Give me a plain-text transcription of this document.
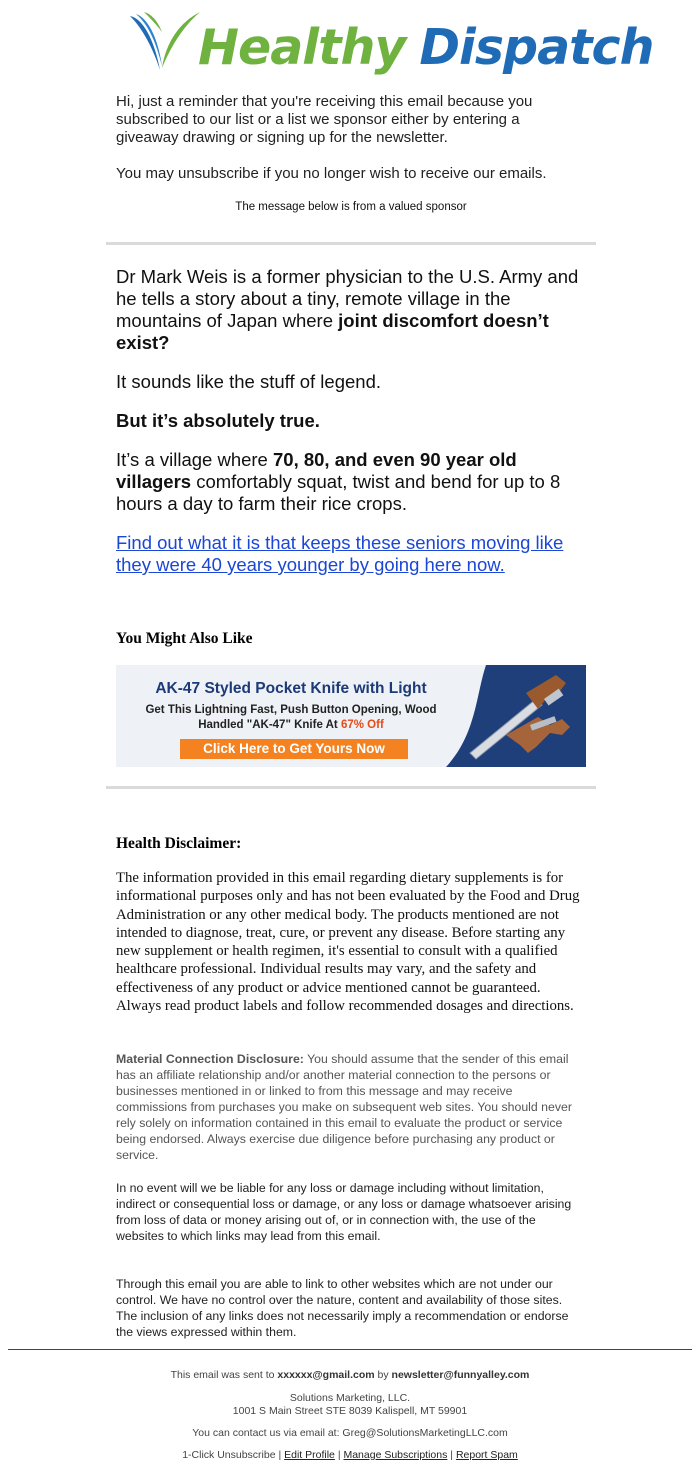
Healthy Dispatch

Hi, just a reminder that you're receiving this email because you subscribed to our list or a list we sponsor either by entering a giveaway drawing or signing up for the newsletter.

You may unsubscribe if you no longer wish to receive our emails.

The message below is from a valued sponsor

Dr Mark Weis is a former physician to the U.S. Army and he tells a story about a tiny, remote village in the mountains of Japan where joint discomfort doesn’t exist?

It sounds like the stuff of legend.

But it’s absolutely true.

It’s a village where 70, 80, and even 90 year old villagers comfortably squat, twist and bend for up to 8 hours a day to farm their rice crops.

Find out what it is that keeps these seniors moving like they were 40 years younger by going here now.

You Might Also Like
AK-47 Styled Pocket Knife with Light
Get This Lightning Fast, Push Button Opening, Wood
Handled "AK-47" Knife At 67% Off
Click Here to Get Yours Now
Health Disclaimer:
The information provided in this email regarding dietary supplements is for informational purposes only and has not been evaluated by the Food and Drug Administration or any other medical body. The products mentioned are not intended to diagnose, treat, cure, or prevent any disease. Before starting any new supplement or health regimen, it's essential to consult with a qualified healthcare professional. Individual results may vary, and the safety and effectiveness of any product or advice mentioned cannot be guaranteed. Always read product labels and follow recommended dosages and directions.
Material Connection Disclosure: You should assume that the sender of this email has an affiliate relationship and/or another material connection to the persons or businesses mentioned in or linked to from this message and may receive commissions from purchases you make on subsequent web sites. You should never rely solely on information contained in this email to evaluate the product or service being endorsed. Always exercise due diligence before purchasing any product or service.
In no event will we be liable for any loss or damage including without limitation, indirect or consequential loss or damage, or any loss or damage whatsoever arising from loss of data or money arising out of, or in connection with, the use of the websites to which links may lead from this email.
Through this email you are able to link to other websites which are not under our control. We have no control over the nature, content and availability of those sites. The inclusion of any links does not necessarily imply a recommendation or endorse the views expressed within them.
This email was sent to xxxxxx@gmail.com by newsletter@funnyalley.com
Solutions Marketing, LLC.
1001 S Main Street STE 8039 Kalispell, MT 59901
You can contact us via email at: Greg@SolutionsMarketingLLC.com
1-Click Unsubscribe | Edit Profile | Manage Subscriptions | Report Spam
